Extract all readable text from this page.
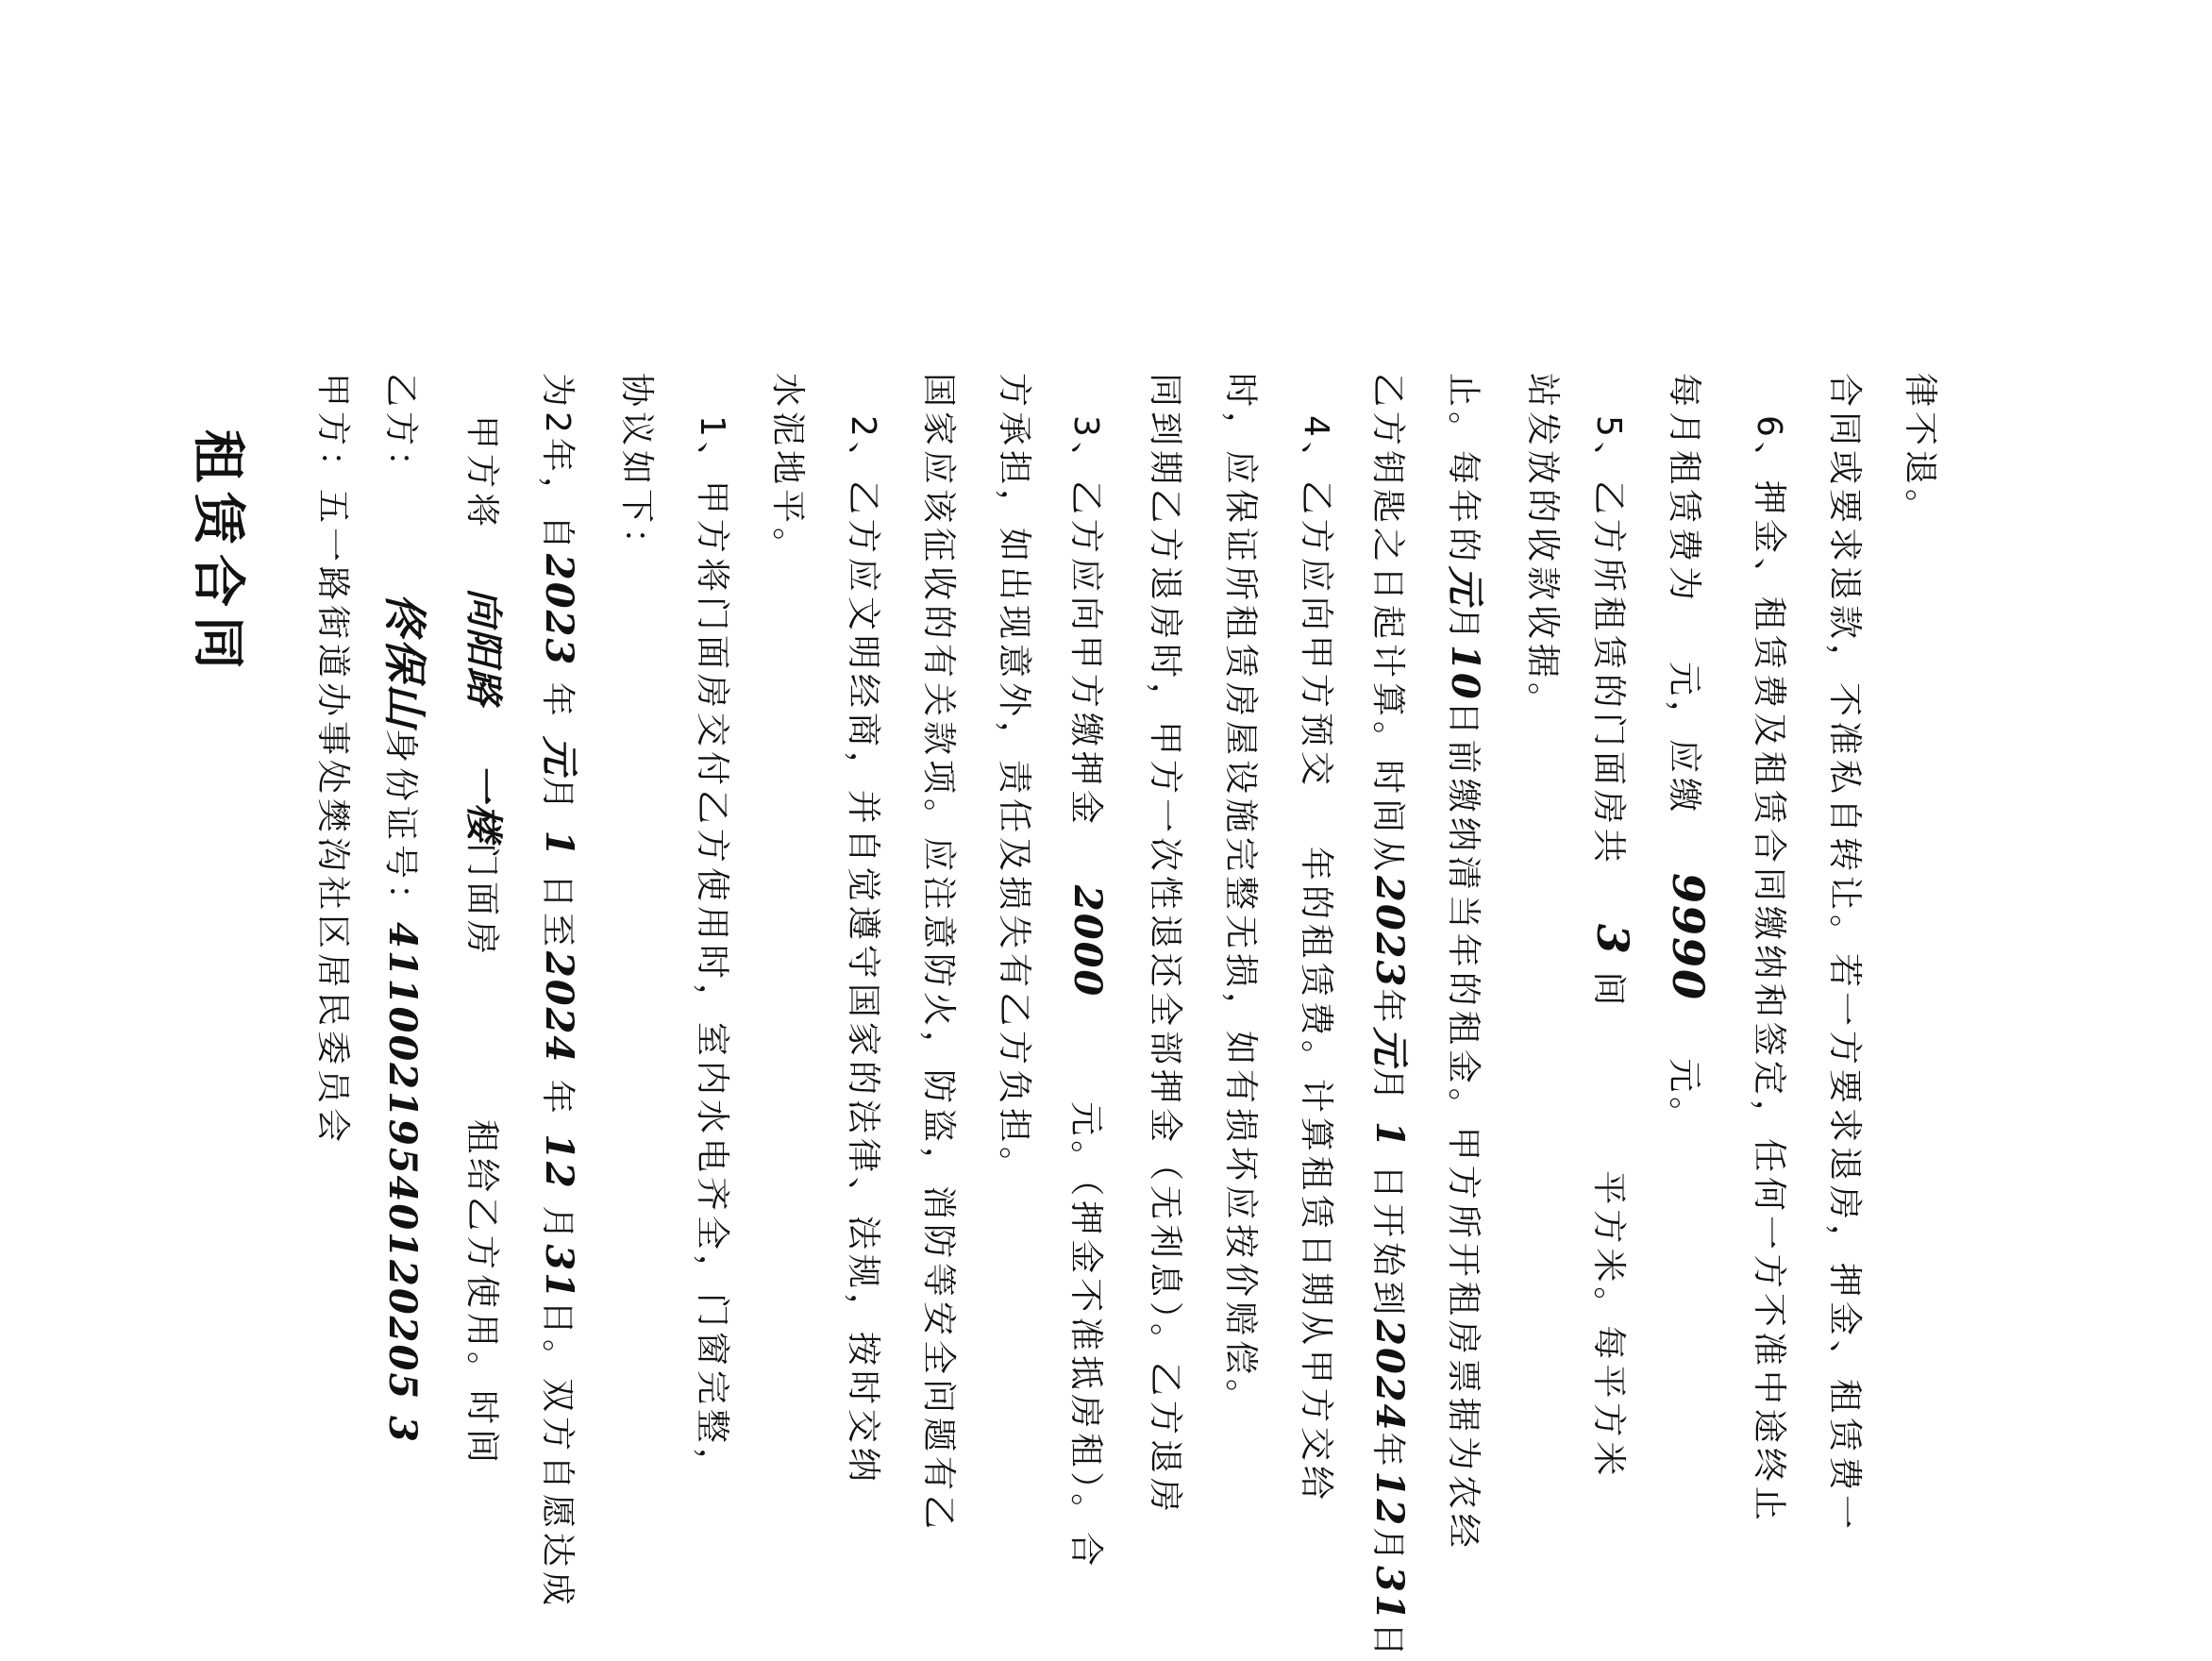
租赁合同 甲方：五一路街道办事处樊沟社区居民委员会 乙方：佟保山身份证号：41100219540120205 3
甲方将向阳路一楼门面房租给乙方使用。时间
为2年，自2023 年 元月 1 日至2024 年 12 月31日。双方自愿达成
协议如下： 1、甲方将门面房交付乙方使用时，室内水电齐全，门窗完整， 水泥地平。 2、乙方应文明经商，并自觉遵守国家的法律、法规，按时交纳 国家应该征收的有关款项。应注意防火，防盗，消防等安全问题有乙 方承担，如出现意外，责任及损失有乙方负担。 3、乙方应向甲方缴押金2000元。（押金不准抵房租）。合 同到期乙方退房时，甲方一次性退还全部押金（无利息）。乙方退房 时，应保证所租赁房屋设施完整无损，如有损坏应按价赔偿。 4、乙方应向甲方预交年的租赁费。计算租赁日期从甲方交给
乙方钥匙之日起计算。时间从2023年元月 1 日开始到2024年12月31日
止。每年的元月10日前缴纳清当年的租金。甲方所开租房票据为农经
站发放的收款收据。 5、乙方所租赁的门面房共3 间平方米。每平方米
每月租赁费为元，应缴9990元。 6、押金、租赁费及租赁合同缴纳和签定，任何一方不准中途终止 合同或要求退款，不准私自转让。若一方要求退房，押金、租赁费一 律不退。
